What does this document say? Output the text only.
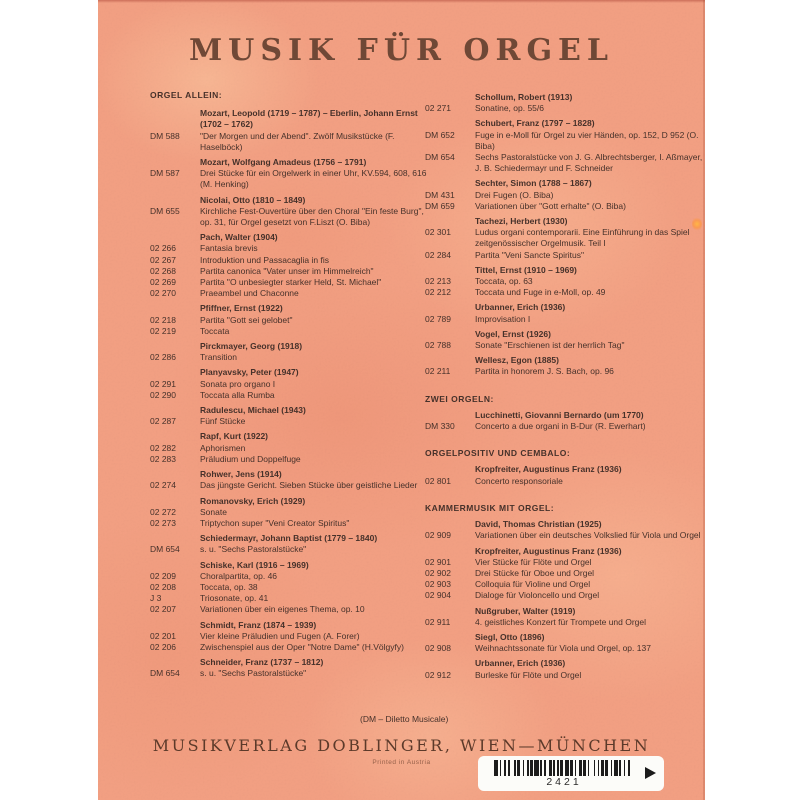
MUSIK FÜR ORGEL
ORGEL ALLEIN:
Mozart, Leopold (1719 – 1787) – Eberlin, Johann Ernst (1702 – 1762)
DM 588	"Der Morgen und der Abend". Zwölf Musikstücke (F. Haselböck)
Mozart, Wolfgang Amadeus (1756 – 1791)
DM 587	Drei Stücke für ein Orgelwerk in einer Uhr, KV.594, 608, 616 (M. Henking)
Nicolai, Otto (1810 – 1849)
DM 655	Kirchliche Fest-Ouvertüre über den Choral "Ein feste Burg", op. 31, für Orgel gesetzt von F.Liszt (O. Biba)
Pach, Walter (1904)
02 266	Fantasia brevis
02 267	Introduktion und Passacaglia in fis
02 268	Partita canonica "Vater unser im Himmelreich"
02 269	Partita "O unbesiegter starker Held, St. Michael"
02 270	Praeambel und Chaconne
Pfiffner, Ernst (1922)
02 218	Partita "Gott sei gelobet"
02 219	Toccata
Pirckmayer, Georg (1918)
02 286	Transition
Planyavsky, Peter (1947)
02 291	Sonata pro organo I
02 290	Toccata alla Rumba
Radulescu, Michael (1943)
02 287	Fünf Stücke
Rapf, Kurt (1922)
02 282	Aphorismen
02 283	Präludium und Doppelfuge
Rohwer, Jens (1914)
02 274	Das jüngste Gericht. Sieben Stücke über geistliche Lieder
Romanovsky, Erich (1929)
02 272	Sonate
02 273	Triptychon super "Veni Creator Spiritus"
Schiedermayr, Johann Baptist (1779 – 1840)
DM 654	s. u. "Sechs Pastoralstücke"
Schiske, Karl (1916 – 1969)
02 209	Choralpartita, op. 46
02 208	Toccata, op. 38
J 3	Triosonate, op. 41
02 207	Variationen über ein eigenes Thema, op. 10
Schmidt, Franz (1874 – 1939)
02 201	Vier kleine Präludien und Fugen (A. Forer)
02 206	Zwischenspiel aus der Oper "Notre Dame" (H.Völgyfy)
Schneider, Franz (1737 – 1812)
DM 654	s. u. "Sechs Pastoralstücke"
Schollum, Robert (1913)
02 271	Sonatine, op. 55/6
Schubert, Franz (1797 – 1828)
DM 652	Fuge in e-Moll für Orgel zu vier Händen, op. 152, D 952 (O. Biba)
DM 654	Sechs Pastoralstücke von J. G. Albrechtsberger, I. Aßmayer, J. B. Schiedermayr und F. Schneider
Sechter, Simon (1788 – 1867)
DM 431	Drei Fugen (O. Biba)
DM 659	Variationen über "Gott erhalte" (O. Biba)
Tachezi, Herbert (1930)
02 301	Ludus organi contemporarii. Eine Einführung in das Spiel zeitgenössischer Orgelmusik. Teil I
02 284	Partita "Veni Sancte Spiritus"
Tittel, Ernst (1910 – 1969)
02 213	Toccata, op. 63
02 212	Toccata und Fuge in e-Moll, op. 49
Urbanner, Erich (1936)
02 789	Improvisation I
Vogel, Ernst (1926)
02 788	Sonate "Erschienen ist der herrlich Tag"
Wellesz, Egon (1885)
02 211	Partita in honorem J. S. Bach, op. 96
ZWEI ORGELN:
Lucchinetti, Giovanni Bernardo (um 1770)
DM 330	Concerto a due organi in B-Dur (R. Ewerhart)
ORGELPOSITIV UND CEMBALO:
Kropfreiter, Augustinus Franz (1936)
02 801	Concerto responsoriale
KAMMERMUSIK MIT ORGEL:
David, Thomas Christian (1925)
02 909	Variationen über ein deutsches Volkslied für Viola und Orgel
Kropfreiter, Augustinus Franz (1936)
02 901	Vier Stücke für Flöte und Orgel
02 902	Drei Stücke für Oboe und Orgel
02 903	Colloquia für Violine und Orgel
02 904	Dialoge für Violoncello und Orgel
Nußgruber, Walter (1919)
02 911	4. geistliches Konzert für Trompete und Orgel
Siegl, Otto (1896)
02 908	Weihnachtssonate für Viola und Orgel, op. 137
Urbanner, Erich (1936)
02 912	Burleske für Flöte und Orgel
(DM – Diletto Musicale)
MUSIKVERLAG DOBLINGER, WIEN—MÜNCHEN
Printed in Austria
2421
